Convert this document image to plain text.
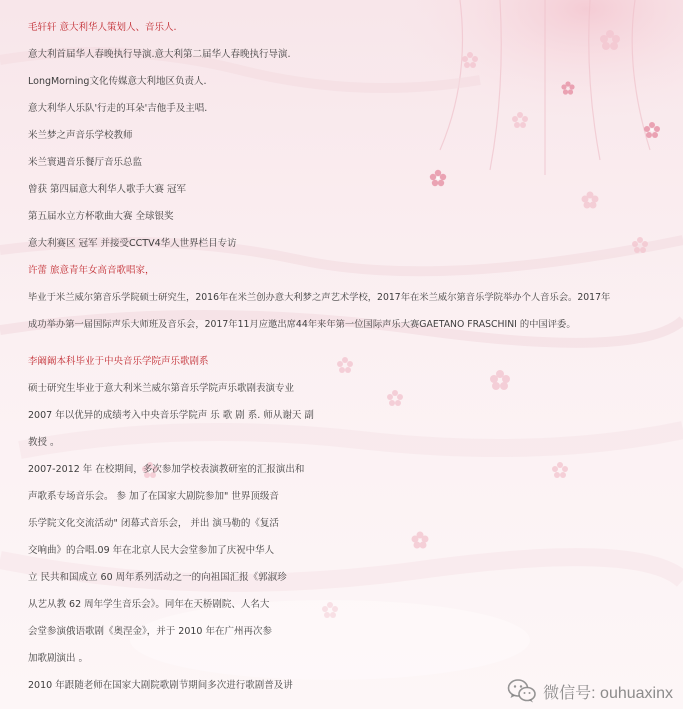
毛轩轩 意大利华人策划人、音乐人.
意大利首届华人春晚执行导演.意大利第二届华人春晚执行导演.
LongMorning文化传媒意大利地区负责人.
意大利华人乐队'行走的耳朵'吉他手及主唱.
米兰梦之声音乐学校教师
米兰寰遇音乐餐厅音乐总监
曾获 第四届意大利华人歌手大赛 冠军
第五届水立方杯歌曲大赛 全球银奖
意大利赛区 冠军 并接受CCTV4华人世界栏目专访
许蕾 旅意青年女高音歌唱家，
毕业于米兰威尔第音乐学院硕士研究生，2016年在米兰创办意大利梦之声艺术学校，2017年在米兰威尔第音乐学院举办个人音乐会。2017年
成功举办第一届国际声乐大师班及音乐会，2017年11月应邀出席44年来年第一位国际声乐大赛GAETANO FRASCHINI 的中国评委。
李阚阚本科毕业于中央音乐学院声乐歌剧系
硕士研究生毕业于意大利米兰威尔第音乐学院声乐歌剧表演专业
2007 年以优异的成绩考入中央音乐学院声 乐 歌 剧 系. 师从谢天 副
教授 。
2007-2012 年 在校期间，多次参加学校表演教研室的汇报演出和
声歌系专场音乐会。 参 加了在国家大剧院参加" 世界顶级音
乐学院文化交流活动" 闭幕式音乐会， 并出 演马勒的《复活
交响曲》的合唱.09 年在北京人民大会堂参加了庆祝中华人
立 民共和国成立 60 周年系列活动之一的向祖国汇报《郭淑珍
从艺从教 62 周年学生音乐会》。同年在天桥剧院、人名大
会堂参演俄语歌剧《奥涅金》，并于 2010 年在广州再次参
加歌剧演出 。
2010 年跟随老师在国家大剧院歌剧节期间多次进行歌剧普及讲	微信号: ouhuaxinx
